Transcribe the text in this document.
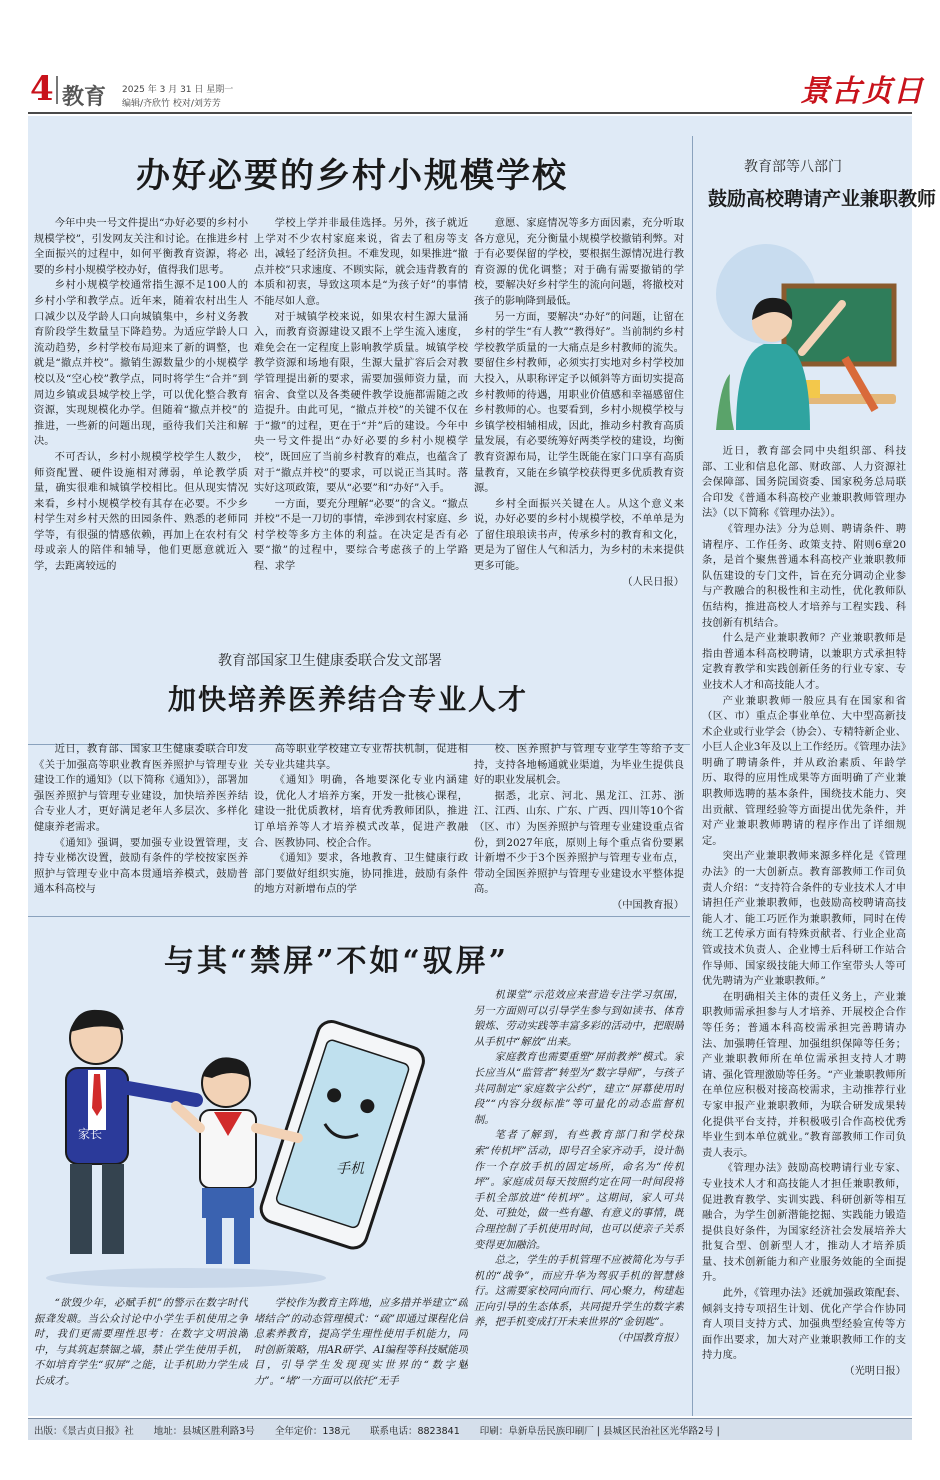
4 教育 2025 年 3 月 31 日 星期一
编辑/齐欣竹 校对/刘芳芳	景古贞日
办好必要的乡村小规模学校

今年中央一号文件提出“办好必要的乡村小规模学校”，引发网友关注和讨论。在推进乡村全面振兴的过程中，如何平衡教育资源，将必要的乡村小规模学校办好，值得我们思考。

乡村小规模学校通常指生源不足100人的乡村小学和教学点。近年来，随着农村出生人口减少以及学龄人口向城镇集中，乡村义务教育阶段学生数量呈下降趋势。为适应学龄人口流动趋势，乡村学校布局迎来了新的调整，也就是“撤点并校”。撤销生源数量少的小规模学校以及“空心校”教学点，同时将学生“合并”到周边乡镇或县城学校上学，可以优化整合教育资源，实现规模化办学。但随着“撤点并校”的推进，一些新的问题出现，亟待我们关注和解决。

不可否认，乡村小规模学校学生人数少，师资配置、硬件设施相对薄弱，单论教学质量，确实很难和城镇学校相比。但从现实情况来看，乡村小规模学校有其存在必要。不少乡村学生对乡村天然的田园条件、熟悉的老师同学等，有很强的情感依赖，再加上在农村有父母或亲人的陪伴和辅导，他们更愿意就近入学，去距离较远的

学校上学并非最佳选择。另外，孩子就近上学对不少农村家庭来说，省去了租房等支出，减轻了经济负担。不难发现，如果推进“撤点并校”只求速度、不顾实际，就会违背教育的本质和初衷，导致这项本是“为孩子好”的事情不能尽如人意。

对于城镇学校来说，如果农村生源大量涌入，而教育资源建设又跟不上学生流入速度，难免会在一定程度上影响教学质量。城镇学校教学资源和场地有限，生源大量扩容后会对教学管理提出新的要求，需要加强师资力量，而宿舍、食堂以及各类硬件教学设施都需随之改造提升。由此可见，“撤点并校”的关键不仅在于“撤”的过程，更在于“并”后的建设。今年中央一号文件提出“办好必要的乡村小规模学校”，既回应了当前乡村教育的难点，也蕴含了对于“撤点并校”的要求，可以说正当其时。落实好这项政策，要从“必要”和“办好”入手。

一方面，要充分理解“必要”的含义。“撤点并校”不是一刀切的事情，牵涉到农村家庭、乡村学校等多方主体的利益。在决定是否有必要“撤”的过程中，要综合考虑孩子的上学路程、求学

意愿、家庭情况等多方面因素，充分听取各方意见，充分衡量小规模学校撤销利弊。对于有必要保留的学校，要根据生源情况进行教育资源的优化调整；对于确有需要撤销的学校，要解决好乡村学生的流向问题，将撤校对孩子的影响降到最低。

另一方面，要解决“办好”的问题，让留在乡村的学生“有人教”“教得好”。当前制约乡村学校教学质量的一大痛点是乡村教师的流失。要留住乡村教师，必须实打实地对乡村学校加大投入，从职称评定予以倾斜等方面切实提高乡村教师的待遇，用职业价值感和幸福感留住乡村教师的心。也要看到，乡村小规模学校与乡镇学校相辅相成，因此，推动乡村教育高质量发展，有必要统筹好两类学校的建设，均衡教育资源布局，让学生既能在家门口享有高质量教育，又能在乡镇学校获得更多优质教育资源。

乡村全面振兴关键在人。从这个意义来说，办好必要的乡村小规模学校，不单单是为了留住琅琅读书声，传承乡村的教育和文化，更是为了留住人气和活力，为乡村的未来提供更多可能。

（人民日报）

教育部国家卫生健康委联合发文部署
加快培养医养结合专业人才

近日，教育部、国家卫生健康委联合印发《关于加强高等职业教育医养照护与管理专业建设工作的通知》（以下简称《通知》），部署加强医养照护与管理专业建设，加快培养医养结合专业人才，更好满足老年人多层次、多样化健康养老需求。

《通知》强调，要加强专业设置管理，支持专业梯次设置，鼓励有条件的学校按家医养照护与管理专业中高本贯通培养模式，鼓励普通本科高校与

高等职业学校建立专业帮扶机制，促进相关专业共建共享。

《通知》明确，各地要深化专业内涵建设，优化人才培养方案，开发一批核心课程，建设一批优质教材，培育优秀教师团队，推进订单培养等人才培养模式改革，促进产教融合、医教协同、校企合作。

《通知》要求，各地教育、卫生健康行政部门要做好组织实施，协同推进，鼓励有条件的地方对新增布点的学

校、医养照护与管理专业学生等给予支持，支持各地畅通就业渠道，为毕业生提供良好的职业发展机会。

据悉，北京、河北、黑龙江、江苏、浙江、江西、山东、广东、广西、四川等10个省（区、市）为医养照护与管理专业建设重点省份，到2027年底，原则上每个重点省份要累计新增不少于3个医养照护与管理专业布点，带动全国医养照护与管理专业建设水平整体提高。

（中国教育报）

与其“禁屏”不如“驭屏”
手机
家长

“欲毁少年，必赋手机”的警示在数字时代振聋发聩。当公众讨论中小学生手机使用之争时，我们更需要理性思考：在数字文明浪潮中，与其筑起禁锢之墙，禁止学生使用手机，不如培育学生“驭屏”之能，让手机助力学生成长成才。

学校作为教育主阵地，应多措并举建立“疏堵结合”的动态管理模式：“疏”即通过课程化信息素养教育，提高学生理性使用手机能力，同时创新策略，用AR研学、AI编程等科技赋能项目，引导学生发现现实世界的“数字魅力”。“堵”一方面可以依托“无手

机课堂”示范效应来营造专注学习氛围，另一方面则可以引导学生参与到如读书、体育锻炼、劳动实践等丰富多彩的活动中，把眼睛从手机中“解放”出来。

家庭教育也需要重塑“屏前教养”模式。家长应当从“监管者”转型为“数字导师”，与孩子共同制定“家庭数字公约”，建立“屏幕使用时段”“内容分级标准”等可量化的动态监督机制。

笔者了解到，有些教育部门和学校探索“传机坪”活动，即号召全家齐动手，设计制作一个存放手机的固定场所，命名为“传机坪”。家庭成员每天按照约定在同一时间段将手机全部放进“传机坪”。这期间，家人可共处、可独处，做一些有趣、有意义的事情，既合理控制了手机使用时间，也可以使亲子关系变得更加融洽。

总之，学生的手机管理不应被简化为与手机的“战争”，而应升华为驾驭手机的智慧修行。这需要家校同向而行、同心聚力，构建起正向引导的生态体系，共同提升学生的数字素养，把手机变成打开未来世界的“金钥匙”。

（中国教育报）

教育部等八部门
鼓励高校聘请产业兼职教师

近日，教育部会同中央组织部、科技部、工业和信息化部、财政部、人力资源社会保障部、国务院国资委、国家税务总局联合印发《普通本科高校产业兼职教师管理办法》（以下简称《管理办法》）。

《管理办法》分为总则、聘请条件、聘请程序、工作任务、政策支持、附则6章20条，是首个聚焦普通本科高校产业兼职教师队伍建设的专门文件，旨在充分调动企业参与产教融合的积极性和主动性，优化教师队伍结构，推进高校人才培养与工程实践、科技创新有机结合。

什么是产业兼职教师？产业兼职教师是指由普通本科高校聘请，以兼职方式承担特定教育教学和实践创新任务的行业专家、专业技术人才和高技能人才。

产业兼职教师一般应具有在国家和省（区、市）重点企事业单位、大中型高新技术企业或行业学会（协会）、专精特新企业、小巨人企业3年及以上工作经历。《管理办法》明确了聘请条件，并从政治素质、年龄学历、取得的应用性成果等方面明确了产业兼职教师选聘的基本条件，围绕技术能力、突出贡献、管理经验等方面提出优先条件，并对产业兼职教师聘请的程序作出了详细规定。

突出产业兼职教师来源多样化是《管理办法》的一大创新点。教育部教师工作司负责人介绍：“支持符合条件的专业技术人才申请担任产业兼职教师，也鼓励高校聘请高技能人才、能工巧匠作为兼职教师，同时在传统工艺传承方面有特殊贡献者、行业企业高管或技术负责人、企业博士后科研工作站合作导师、国家级技能大师工作室带头人等可优先聘请为产业兼职教师。”

在明确相关主体的责任义务上，产业兼职教师需承担参与人才培养、开展校企合作等任务；普通本科高校需承担完善聘请办法、加强聘任管理、加强组织保障等任务；产业兼职教师所在单位需承担支持人才聘请、强化管理激励等任务。“产业兼职教师所在单位应积极对接高校需求，主动推荐行业专家申报产业兼职教师，为联合研发成果转化提供平台支持，并积极吸引合作高校优秀毕业生到本单位就业。”教育部教师工作司负责人表示。

《管理办法》鼓励高校聘请行业专家、专业技术人才和高技能人才担任兼职教师，促进教育教学、实训实践、科研创新等相互融合，为学生创新潜能挖掘、实践能力锻造提供良好条件，为国家经济社会发展培养大批复合型、创新型人才，推动人才培养质量、技术创新能力和产业服务效能的全面提升。

此外，《管理办法》还就加强政策配套、倾斜支持专项招生计划、优化产学合作协同育人项目支持方式、加强典型经验宣传等方面作出要求，加大对产业兼职教师工作的支持力度。

（光明日报）

出版：《景古贞日报》社 地址：县城区胜利路3号 全年定价：138元 联系电话：8823841 印刷：阜新阜岳民族印刷厂 | 县城区民治社区光华路2号 |
